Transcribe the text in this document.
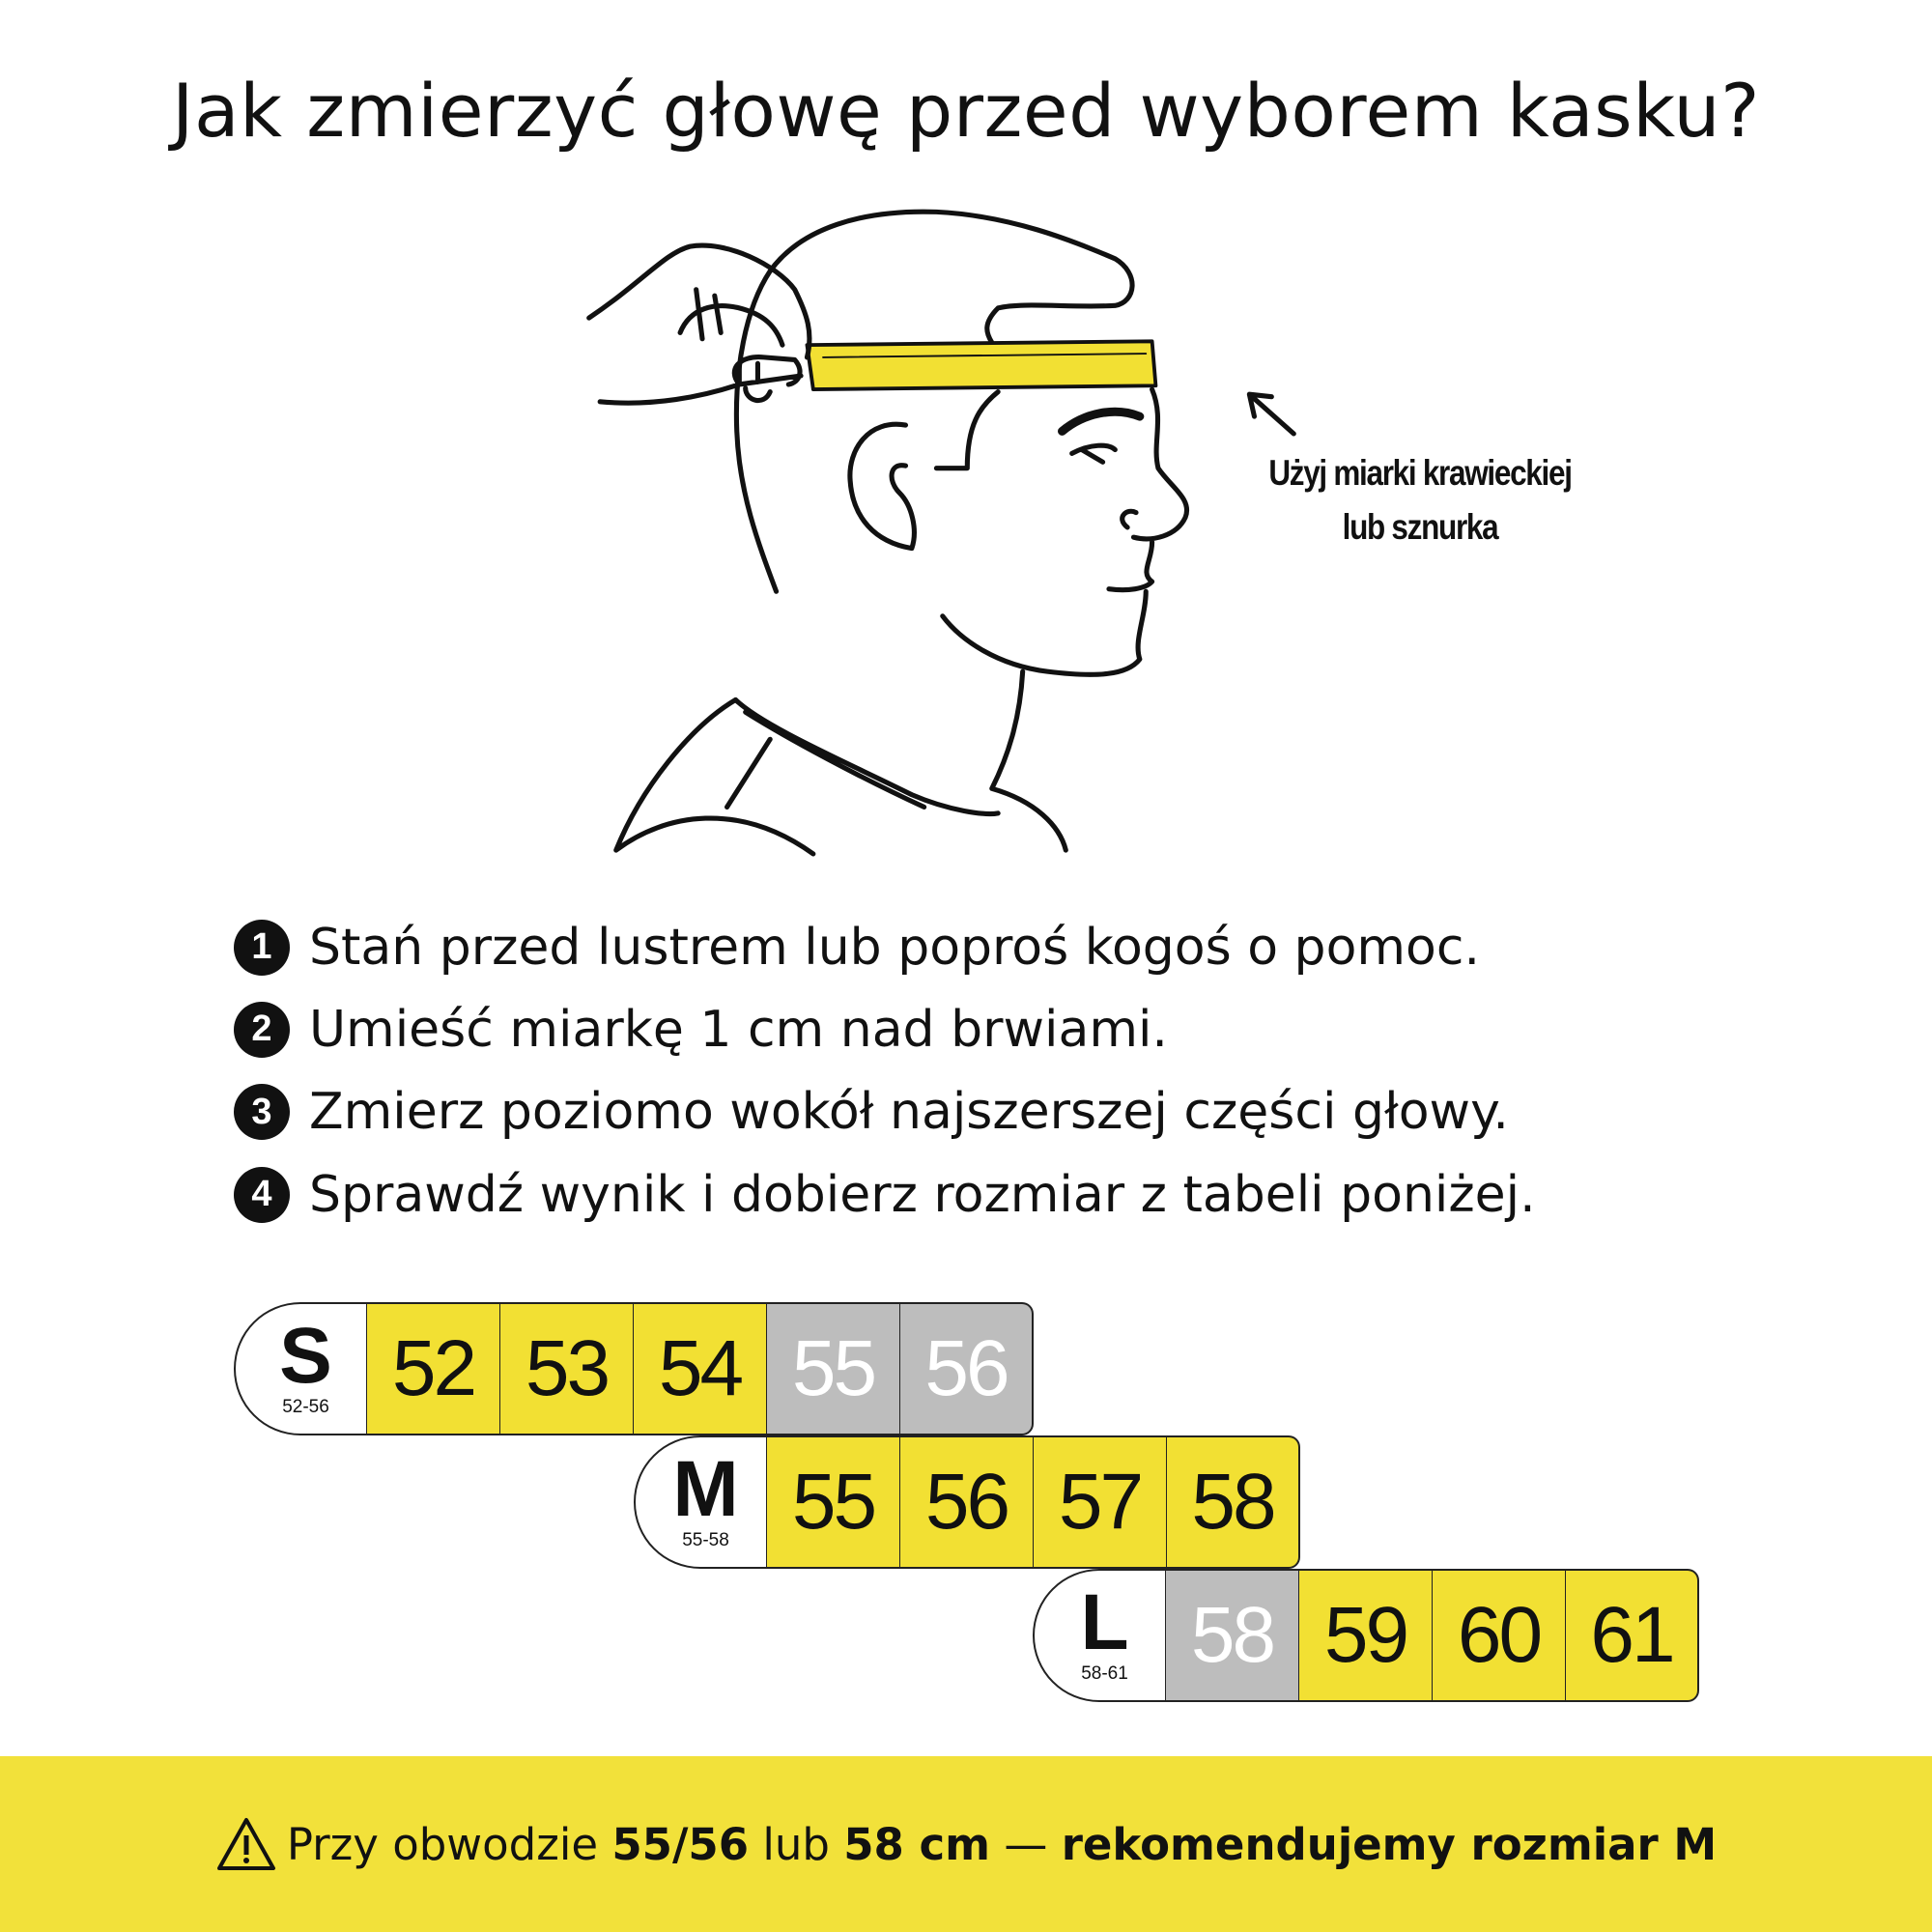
Jak zmierzyć głowę przed wyborem kasku?
Użyj miarki krawieckiej
lub sznurka
1 Stań przed lustrem lub poproś kogoś o pomoc.
2 Umieść miarkę 1 cm nad brwiami.
3 Zmierz poziomo wokół najszerszej części głowy.
4 Sprawdź wynik i dobierz rozmiar z tabeli poniżej.
S
52-56 52 53 54 55 56
M
55-58 55 56 57 58
L
58-61 58 59 60 61
Przy obwodzie 55/56 lub 58 cm — rekomendujemy rozmiar M
